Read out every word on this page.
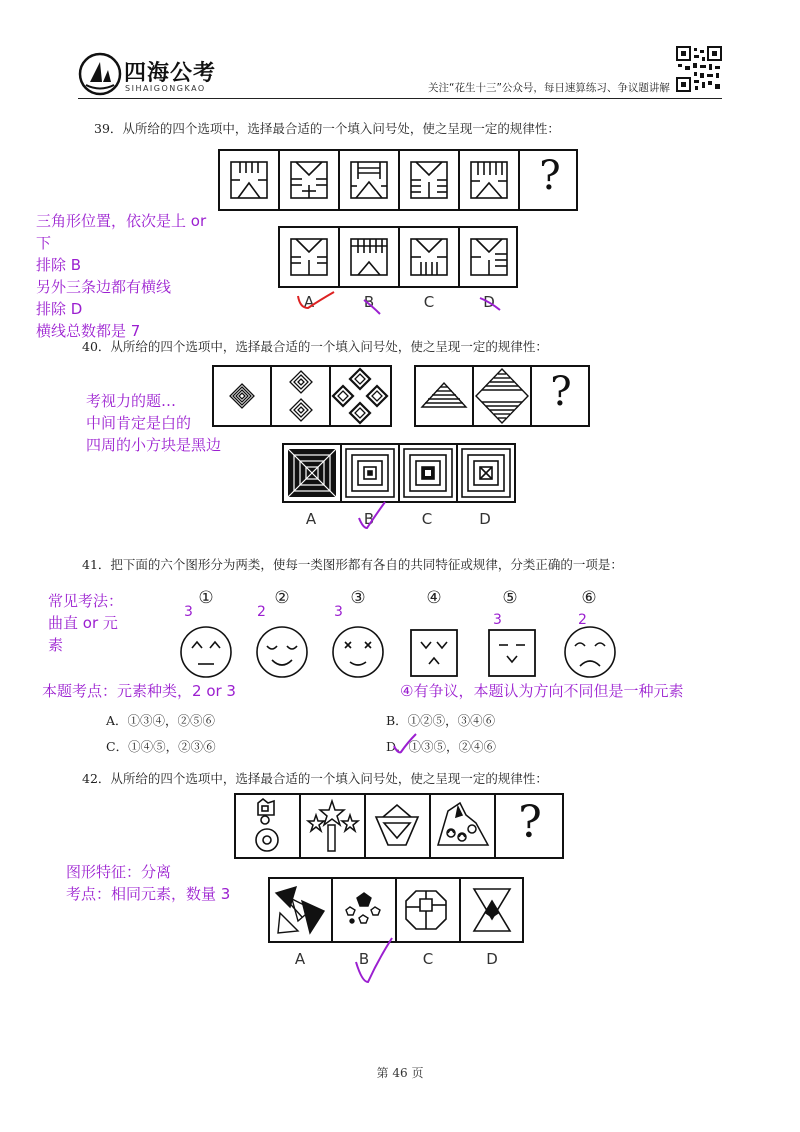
四海公考
SIHAIGONGKAO	关注“花生十三”公众号，每日速算练习、争议题讲解
39．从所给的四个选项中，选择最合适的一个填入问号处，使之呈现一定的规律性：
?
A	B	C	D
三角形位置，依次是上 or
下
排除 B
另外三条边都有横线
排除 D
横线总数都是 7
40．从所给的四个选项中，选择最合适的一个填入问号处，使之呈现一定的规律性：
?
A	B	C	D
考视力的题…
中间肯定是白的
四周的小方块是黑边
41．把下面的六个图形分为两类，使每一类图形都有各自的共同特征或规律，分类正确的一项是：
常见考法：
曲直 or 元
素
①	②	③	④	⑤	⑥
3	2	3	3	2
本题考点：元素种类，2 or 3	④有争议，本题认为方向不同但是一种元素
A．①③④，②⑤⑥	B．①②⑤，③④⑥
C．①④⑤，②③⑥	D．①③⑤，②④⑥
42．从所给的四个选项中，选择最合适的一个填入问号处，使之呈现一定的规律性：
?
A	B	C	D
图形特征：分离
考点：相同元素，数量 3
第 46 页
